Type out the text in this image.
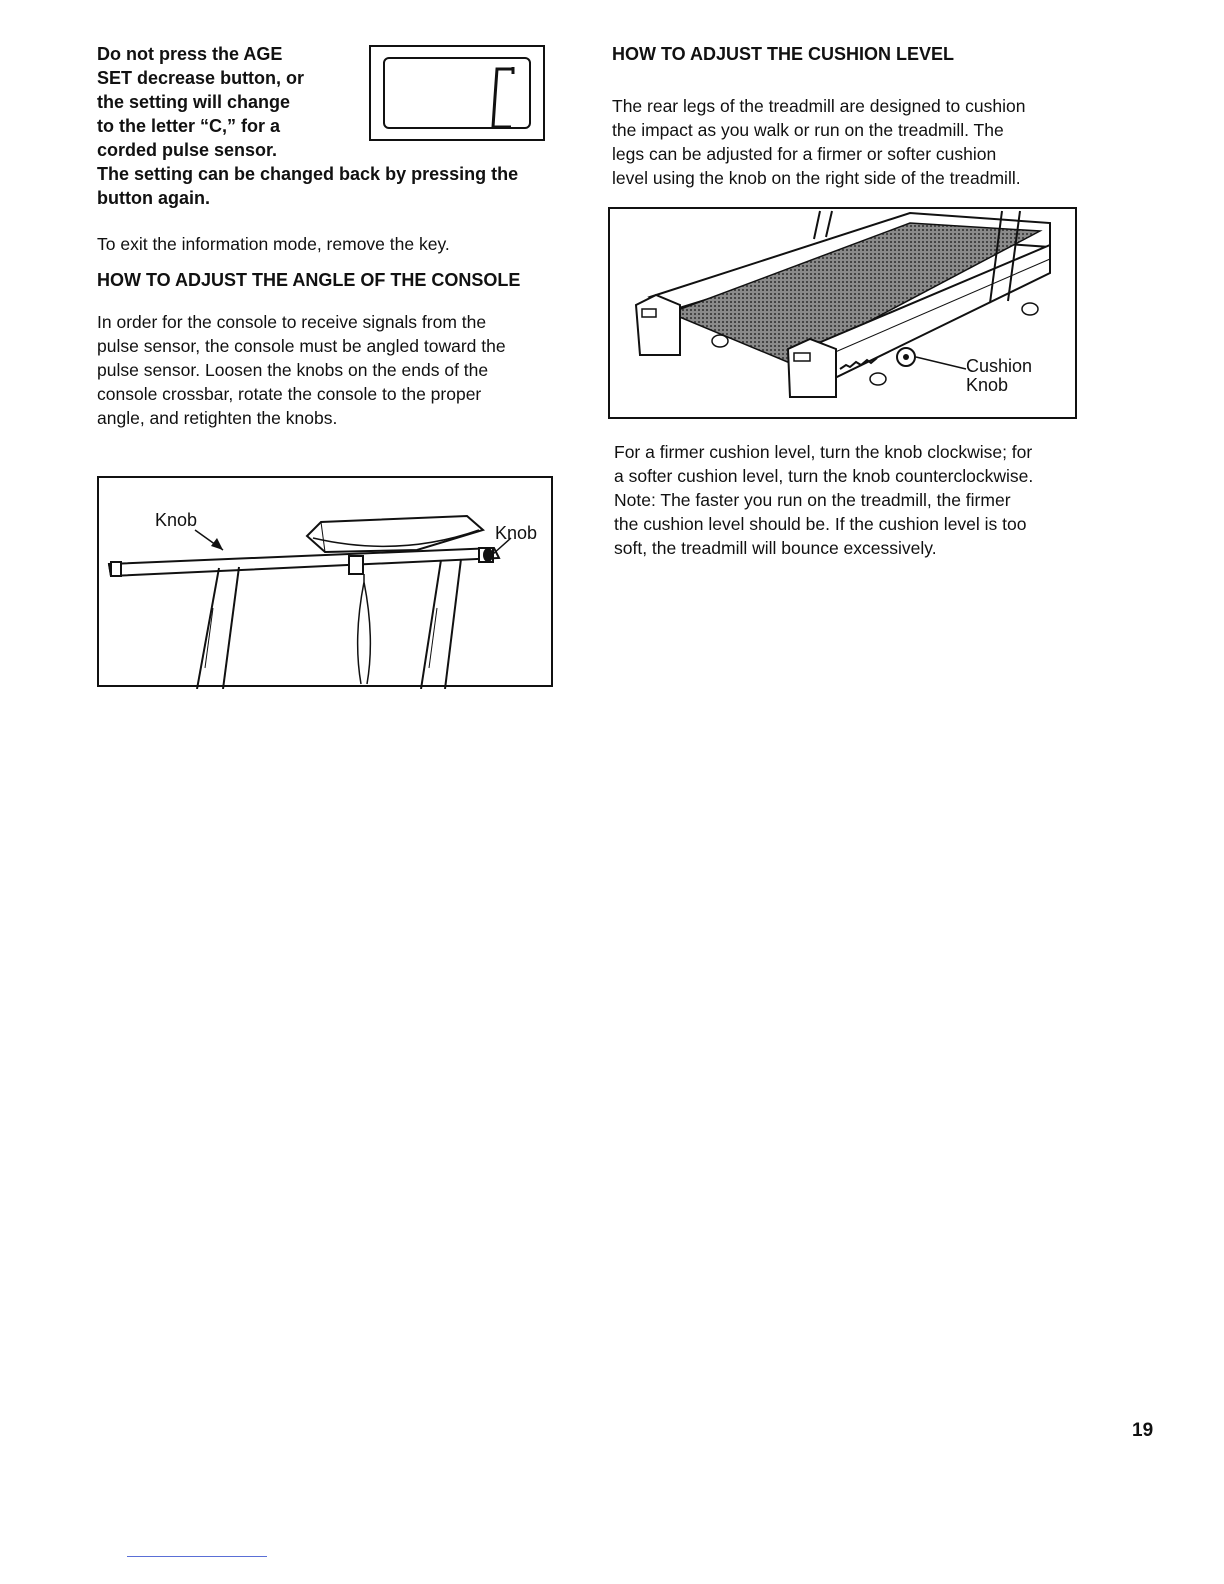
Do not press the AGE
SET decrease button, or
the setting will change
to the letter “C,” for a
corded pulse sensor.
The setting can be changed back by pressing the
button again.

To exit the information mode, remove the key.

HOW TO ADJUST THE ANGLE OF THE CONSOLE

In order for the console to receive signals from the
pulse sensor, the console must be angled toward the
pulse sensor. Loosen the knobs on the ends of the
console crossbar, rotate the console to the proper
angle, and retighten the knobs.

Knob
Knob

HOW TO ADJUST THE CUSHION LEVEL

The rear legs of the treadmill are designed to cushion
the impact as you walk or run on the treadmill. The
legs can be adjusted for a firmer or softer cushion
level using the knob on the right side of the treadmill.

Cushion
Knob

For a firmer cushion level, turn the knob clockwise; for
a softer cushion level, turn the knob counterclockwise.
Note: The faster you run on the treadmill, the firmer
the cushion level should be. If the cushion level is too
soft, the treadmill will bounce excessively.

19
